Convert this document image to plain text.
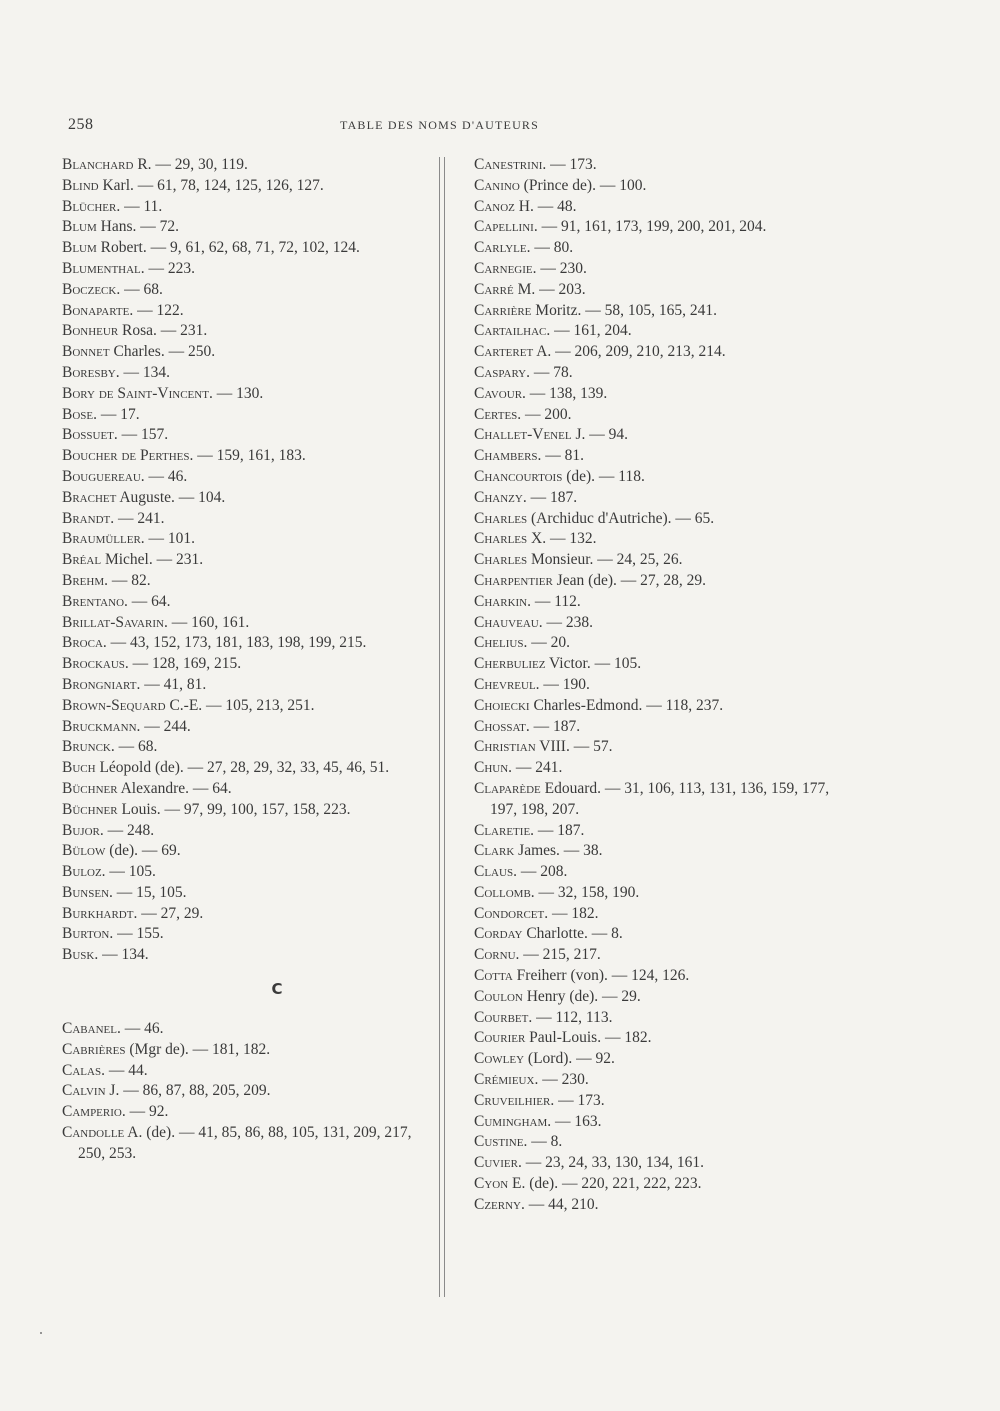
258	TABLE DES NOMS D'AUTEURS

Blanchard R. — 29, 30, 119.

Blind Karl. — 61, 78, 124, 125, 126, 127.

Blücher. — 11.

Blum Hans. — 72.

Blum Robert. — 9, 61, 62, 68, 71, 72, 102, 124.

Blumenthal. — 223.

Boczeck. — 68.

Bonaparte. — 122.

Bonheur Rosa. — 231.

Bonnet Charles. — 250.

Boresby. — 134.

Bory de Saint-Vincent. — 130.

Bose. — 17.

Bossuet. — 157.

Boucher de Perthes. — 159, 161, 183.

Bouguereau. — 46.

Brachet Auguste. — 104.

Brandt. — 241.

Braumüller. — 101.

Bréal Michel. — 231.

Brehm. — 82.

Brentano. — 64.

Brillat-Savarin. — 160, 161.

Broca. — 43, 152, 173, 181, 183, 198, 199, 215.

Brockaus. — 128, 169, 215.

Brongniart. — 41, 81.

Brown-Sequard C.-E. — 105, 213, 251.

Bruckmann. — 244.

Brunck. — 68.

Buch Léopold (de). — 27, 28, 29, 32, 33, 45, 46, 51.

Büchner Alexandre. — 64.

Büchner Louis. — 97, 99, 100, 157, 158, 223.

Bujor. — 248.

Bülow (de). — 69.

Buloz. — 105.

Bunsen. — 15, 105.

Burkhardt. — 27, 29.

Burton. — 155.

Busk. — 134.

C

Cabanel. — 46.

Cabrières (Mgr de). — 181, 182.

Calas. — 44.

Calvin J. — 86, 87, 88, 205, 209.

Camperio. — 92.

Candolle A. (de). — 41, 85, 86, 88, 105, 131, 209, 217, 250, 253.

Canestrini. — 173.

Canino (Prince de). — 100.

Canoz H. — 48.

Capellini. — 91, 161, 173, 199, 200, 201, 204.

Carlyle. — 80.

Carnegie. — 230.

Carré M. — 203.

Carrière Moritz. — 58, 105, 165, 241.

Cartailhac. — 161, 204.

Carteret A. — 206, 209, 210, 213, 214.

Caspary. — 78.

Cavour. — 138, 139.

Certes. — 200.

Challet-Venel J. — 94.

Chambers. — 81.

Chancourtois (de). — 118.

Chanzy. — 187.

Charles (Archiduc d'Autriche). — 65.

Charles X. — 132.

Charles Monsieur. — 24, 25, 26.

Charpentier Jean (de). — 27, 28, 29.

Charkin. — 112.

Chauveau. — 238.

Chelius. — 20.

Cherbuliez Victor. — 105.

Chevreul. — 190.

Choiecki Charles-Edmond. — 118, 237.

Chossat. — 187.

Christian VIII. — 57.

Chun. — 241.

Claparède Edouard. — 31, 106, 113, 131, 136, 159, 177, 197, 198, 207.

Claretie. — 187.

Clark James. — 38.

Claus. — 208.

Collomb. — 32, 158, 190.

Condorcet. — 182.

Corday Charlotte. — 8.

Cornu. — 215, 217.

Cotta Freiherr (von). — 124, 126.

Coulon Henry (de). — 29.

Courbet. — 112, 113.

Courier Paul-Louis. — 182.

Cowley (Lord). — 92.

Crémieux. — 230.

Cruveilhier. — 173.

Cumingham. — 163.

Custine. — 8.

Cuvier. — 23, 24, 33, 130, 134, 161.

Cyon E. (de). — 220, 221, 222, 223.

Czerny. — 44, 210.
